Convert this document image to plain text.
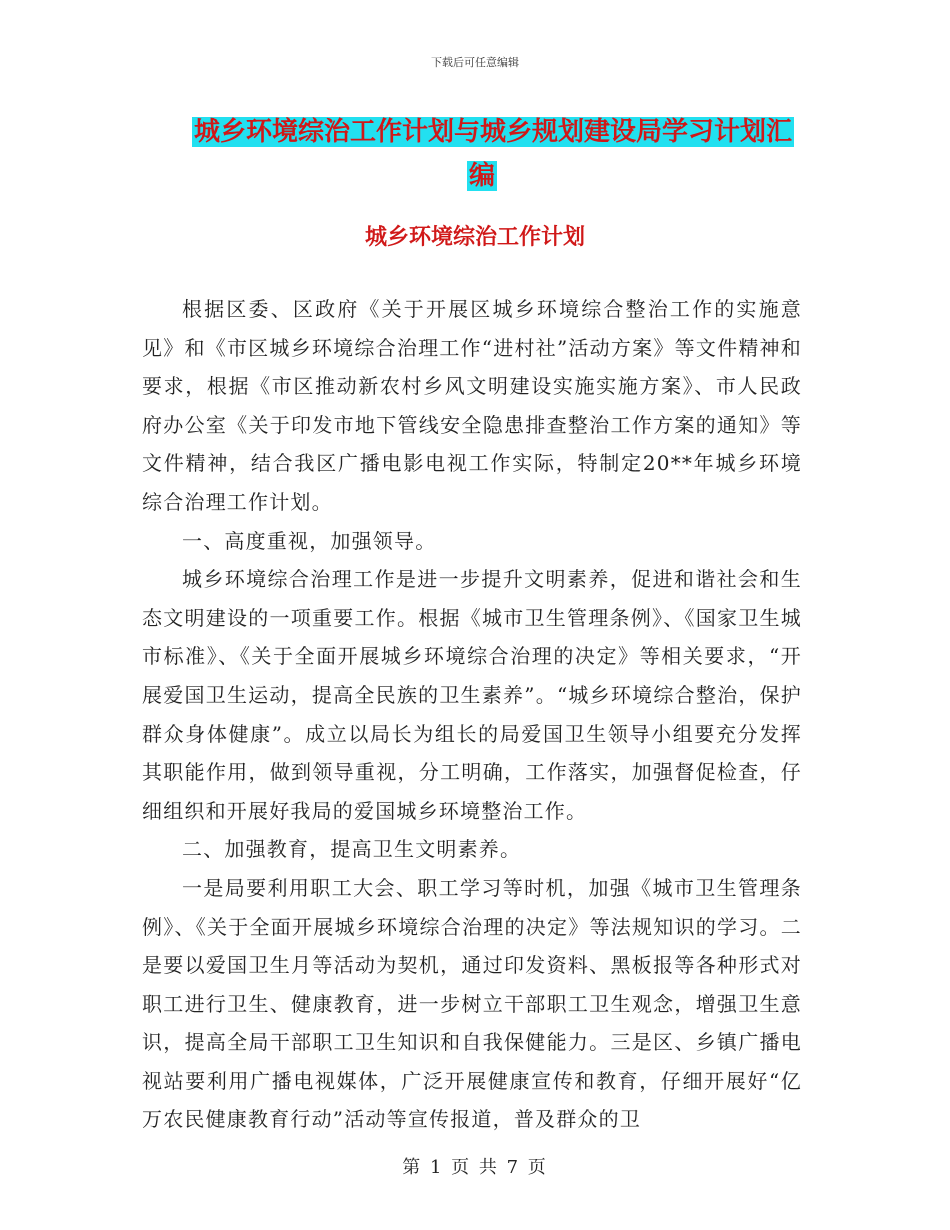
下载后可任意编辑
城乡环境综治工作计划与城乡规划建设局学习计划汇
编
城乡环境综治工作计划

根据区委、区政府《关于开展区城乡环境综合整治工作的实施意见》和《市区城乡环境综合治理工作“进村社”活动方案》等文件精神和要求，根据《市区推动新农村乡风文明建设实施实施方案》、市人民政府办公室《关于印发市地下管线安全隐患排查整治工作方案的通知》等文件精神，结合我区广播电影电视工作实际，特制定20**年城乡环境综合治理工作计划。

一、高度重视，加强领导。

城乡环境综合治理工作是进一步提升文明素养，促进和谐社会和生态文明建设的一项重要工作。根据《城市卫生管理条例》、《国家卫生城市标准》、《关于全面开展城乡环境综合治理的决定》等相关要求，“开展爱国卫生运动，提高全民族的卫生素养”。“城乡环境综合整治，保护群众身体健康”。成立以局长为组长的局爱国卫生领导小组要充分发挥其职能作用，做到领导重视，分工明确，工作落实，加强督促检查，仔细组织和开展好我局的爱国城乡环境整治工作。

二、加强教育，提高卫生文明素养。

一是局要利用职工大会、职工学习等时机，加强《城市卫生管理条例》、《关于全面开展城乡环境综合治理的决定》等法规知识的学习。二是要以爱国卫生月等活动为契机，通过印发资料、黑板报等各种形式对职工进行卫生、健康教育，进一步树立干部职工卫生观念，增强卫生意识，提高全局干部职工卫生知识和自我保健能力。三是区、乡镇广播电视站要利用广播电视媒体，广泛开展健康宣传和教育，仔细开展好“亿万农民健康教育行动”活动等宣传报道，普及群众的卫

第 1 页 共 7 页
